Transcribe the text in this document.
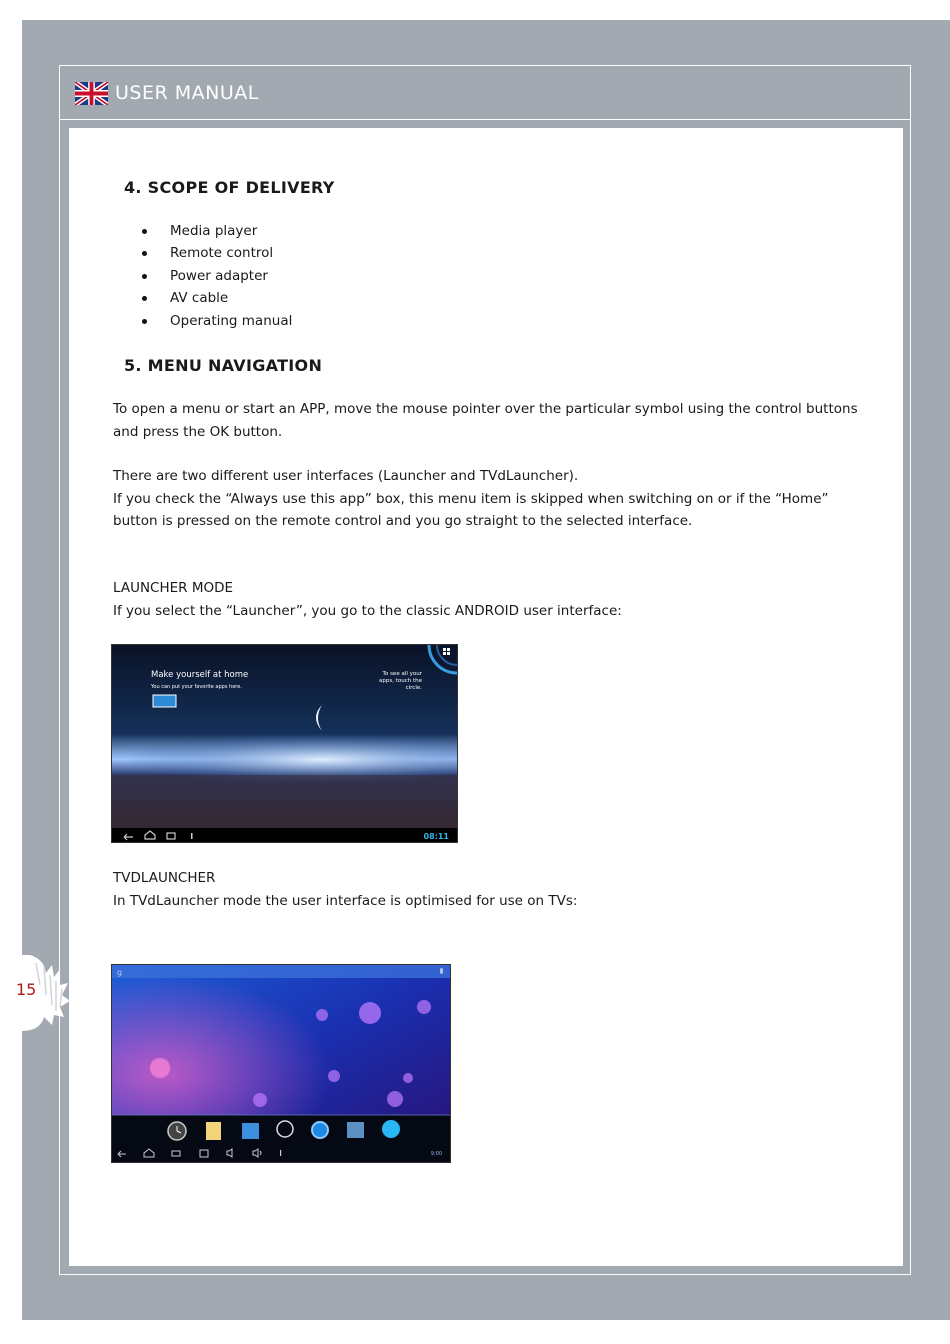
USER MANUAL
4. SCOPE OF DELIVERY
Media player
Remote control
Power adapter
AV cable
Operating manual
5. MENU NAVIGATION
To open a menu or start an APP, move the mouse pointer over the particular symbol using the control buttons
and press the OK button.
There are two different user interfaces (Launcher and TVdLauncher).
If you check the “Always use this app” box, this menu item is skipped when switching on or if the “Home”
button is pressed on the remote control and you go straight to the selected interface.
LAUNCHER MODE
If you select the “Launcher”, you go to the classic ANDROID user interface:
Make yourself at home
You can put your favorite apps here.
To see all your
apps, touch the
circle.
08:11
TVDLAUNCHER
In TVdLauncher mode the user interface is optimised for use on TVs:
g
9:00
15
